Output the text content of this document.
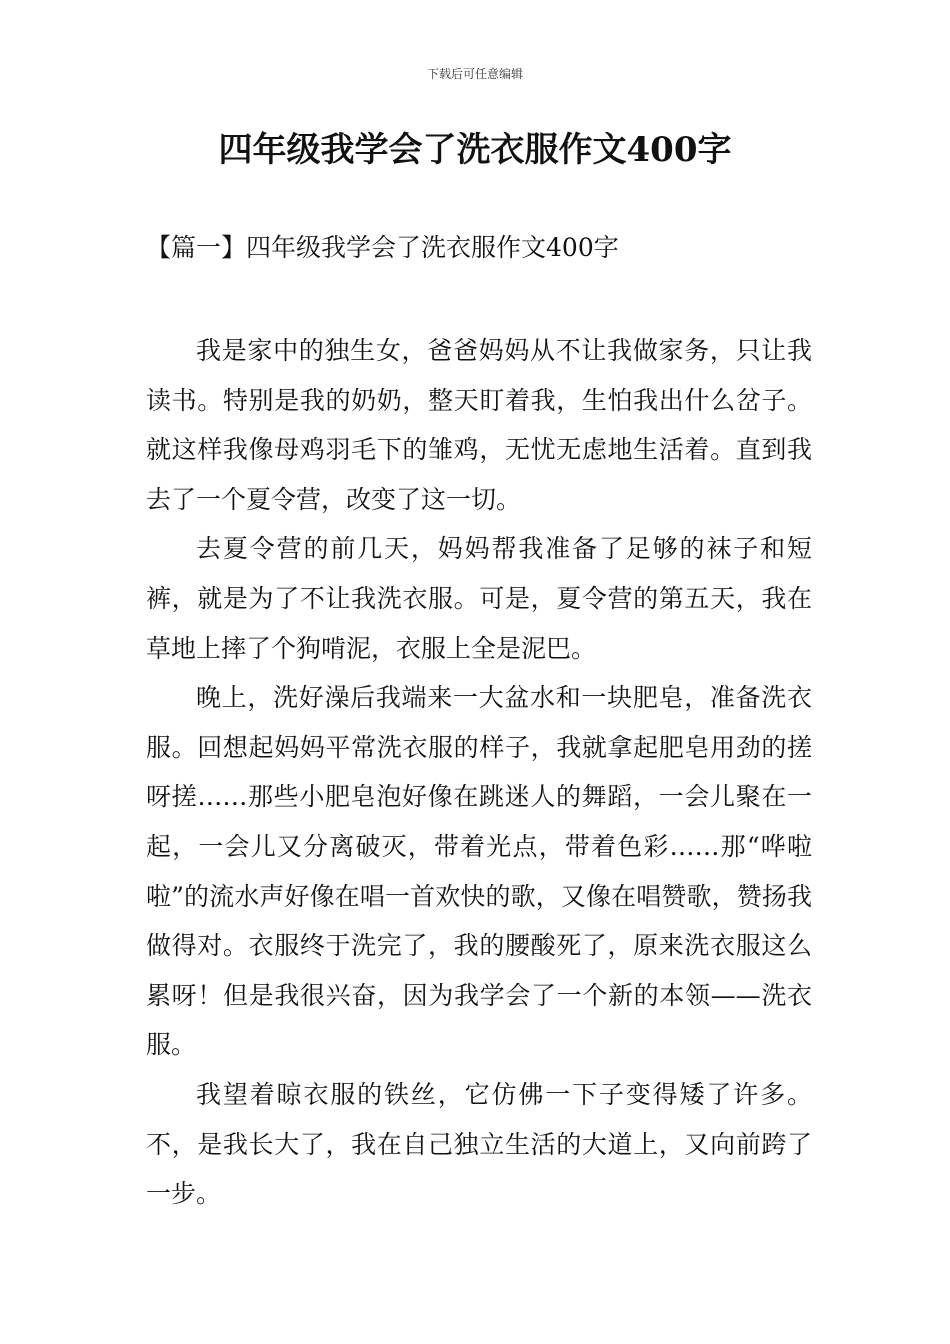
下载后可任意编辑
四年级我学会了洗衣服作文400字
【篇一】四年级我学会了洗衣服作文400字

我是家中的独生女，爸爸妈妈从不让我做家务，只让我读书。特别是我的奶奶，整天盯着我，生怕我出什么岔子。就这样我像母鸡羽毛下的雏鸡，无忧无虑地生活着。直到我去了一个夏令营，改变了这一切。

去夏令营的前几天，妈妈帮我准备了足够的袜子和短裤，就是为了不让我洗衣服。可是，夏令营的第五天，我在草地上摔了个狗啃泥，衣服上全是泥巴。

晚上，洗好澡后我端来一大盆水和一块肥皂，准备洗衣服。回想起妈妈平常洗衣服的样子，我就拿起肥皂用劲的搓呀搓……那些小肥皂泡好像在跳迷人的舞蹈，一会儿聚在一起，一会儿又分离破灭，带着光点，带着色彩……那“哗啦啦”的流水声好像在唱一首欢快的歌，又像在唱赞歌，赞扬我做得对。衣服终于洗完了，我的腰酸死了，原来洗衣服这么累呀！但是我很兴奋，因为我学会了一个新的本领——洗衣服。

我望着晾衣服的铁丝，它仿佛一下子变得矮了许多。不，是我长大了，我在自己独立生活的大道上，又向前跨了一步。
